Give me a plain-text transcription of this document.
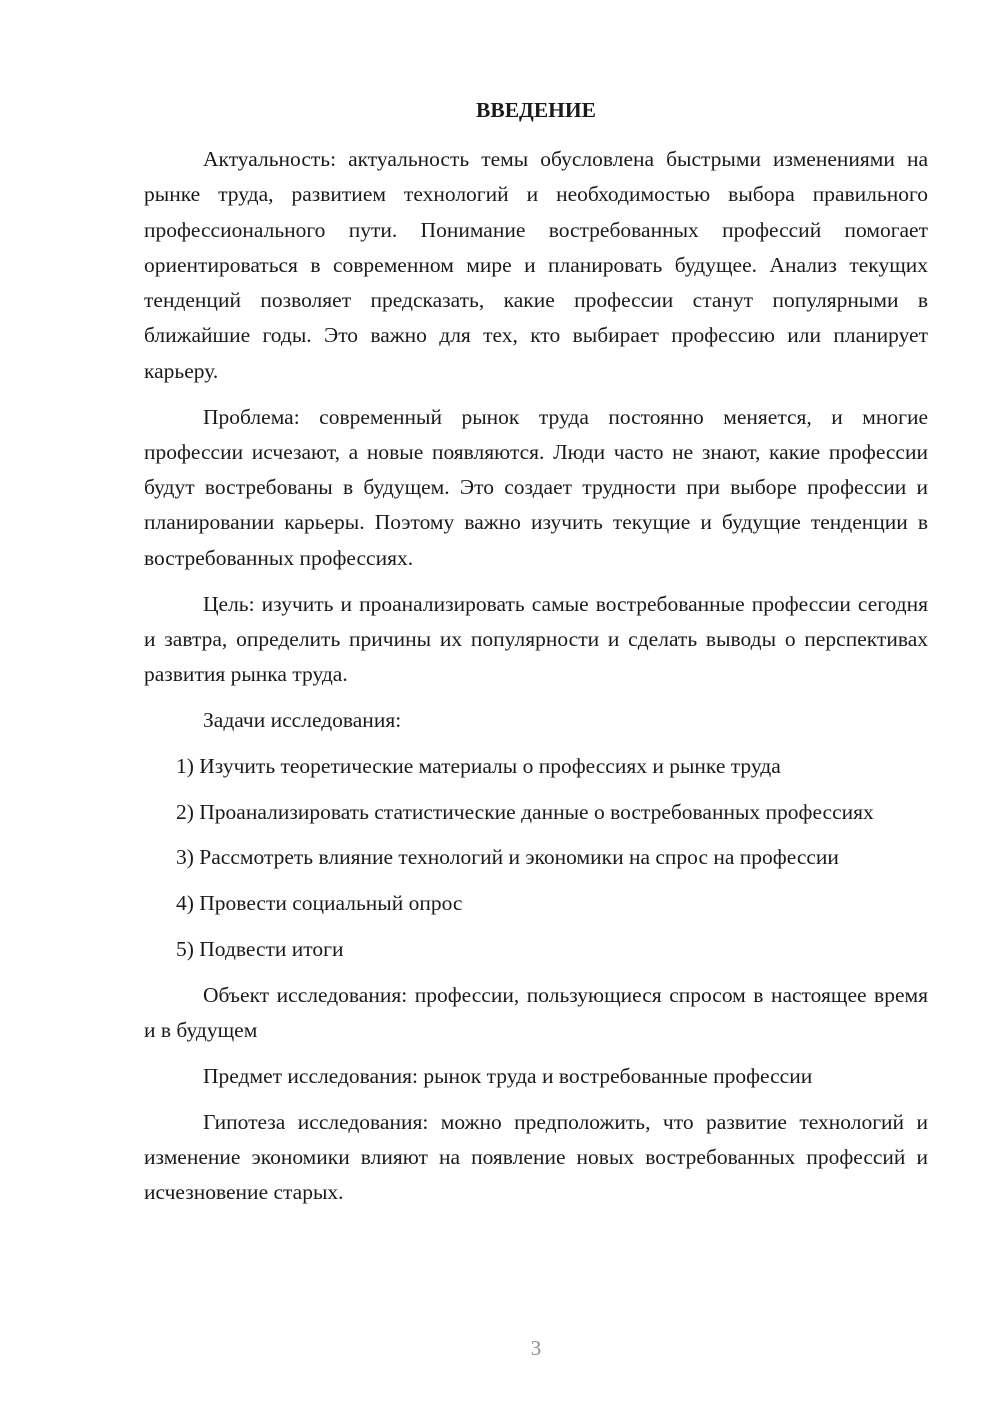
ВВЕДЕНИЕ

Актуальность: актуальность темы обусловлена быстрыми изменениями на рынке труда, развитием технологий и необходимостью выбора правильного профессионального пути. Понимание востребованных профессий помогает ориентироваться в современном мире и планировать будущее. Анализ текущих тенденций позволяет предсказать, какие профессии станут популярными в ближайшие годы. Это важно для тех, кто выбирает профессию или планирует карьеру.

Проблема: современный рынок труда постоянно меняется, и многие профессии исчезают, а новые появляются. Люди часто не знают, какие профессии будут востребованы в будущем. Это создает трудности при выборе профессии и планировании карьеры. Поэтому важно изучить текущие и будущие тенденции в востребованных профессиях.

Цель: изучить и проанализировать самые востребованные профессии сегодня и завтра, определить причины их популярности и сделать выводы о перспективах развития рынка труда.

Задачи исследования:

1) Изучить теоретические материалы о профессиях и рынке труда

2) Проанализировать статистические данные о востребованных профессиях

3) Рассмотреть влияние технологий и экономики на спрос на профессии

4) Провести социальный опрос

5) Подвести итоги

Объект исследования: профессии, пользующиеся спросом в настоящее время и в будущем

Предмет исследования: рынок труда и востребованные профессии

Гипотеза исследования: можно предположить, что развитие технологий и изменение экономики влияют на появление новых востребованных профессий и исчезновение старых.

3
